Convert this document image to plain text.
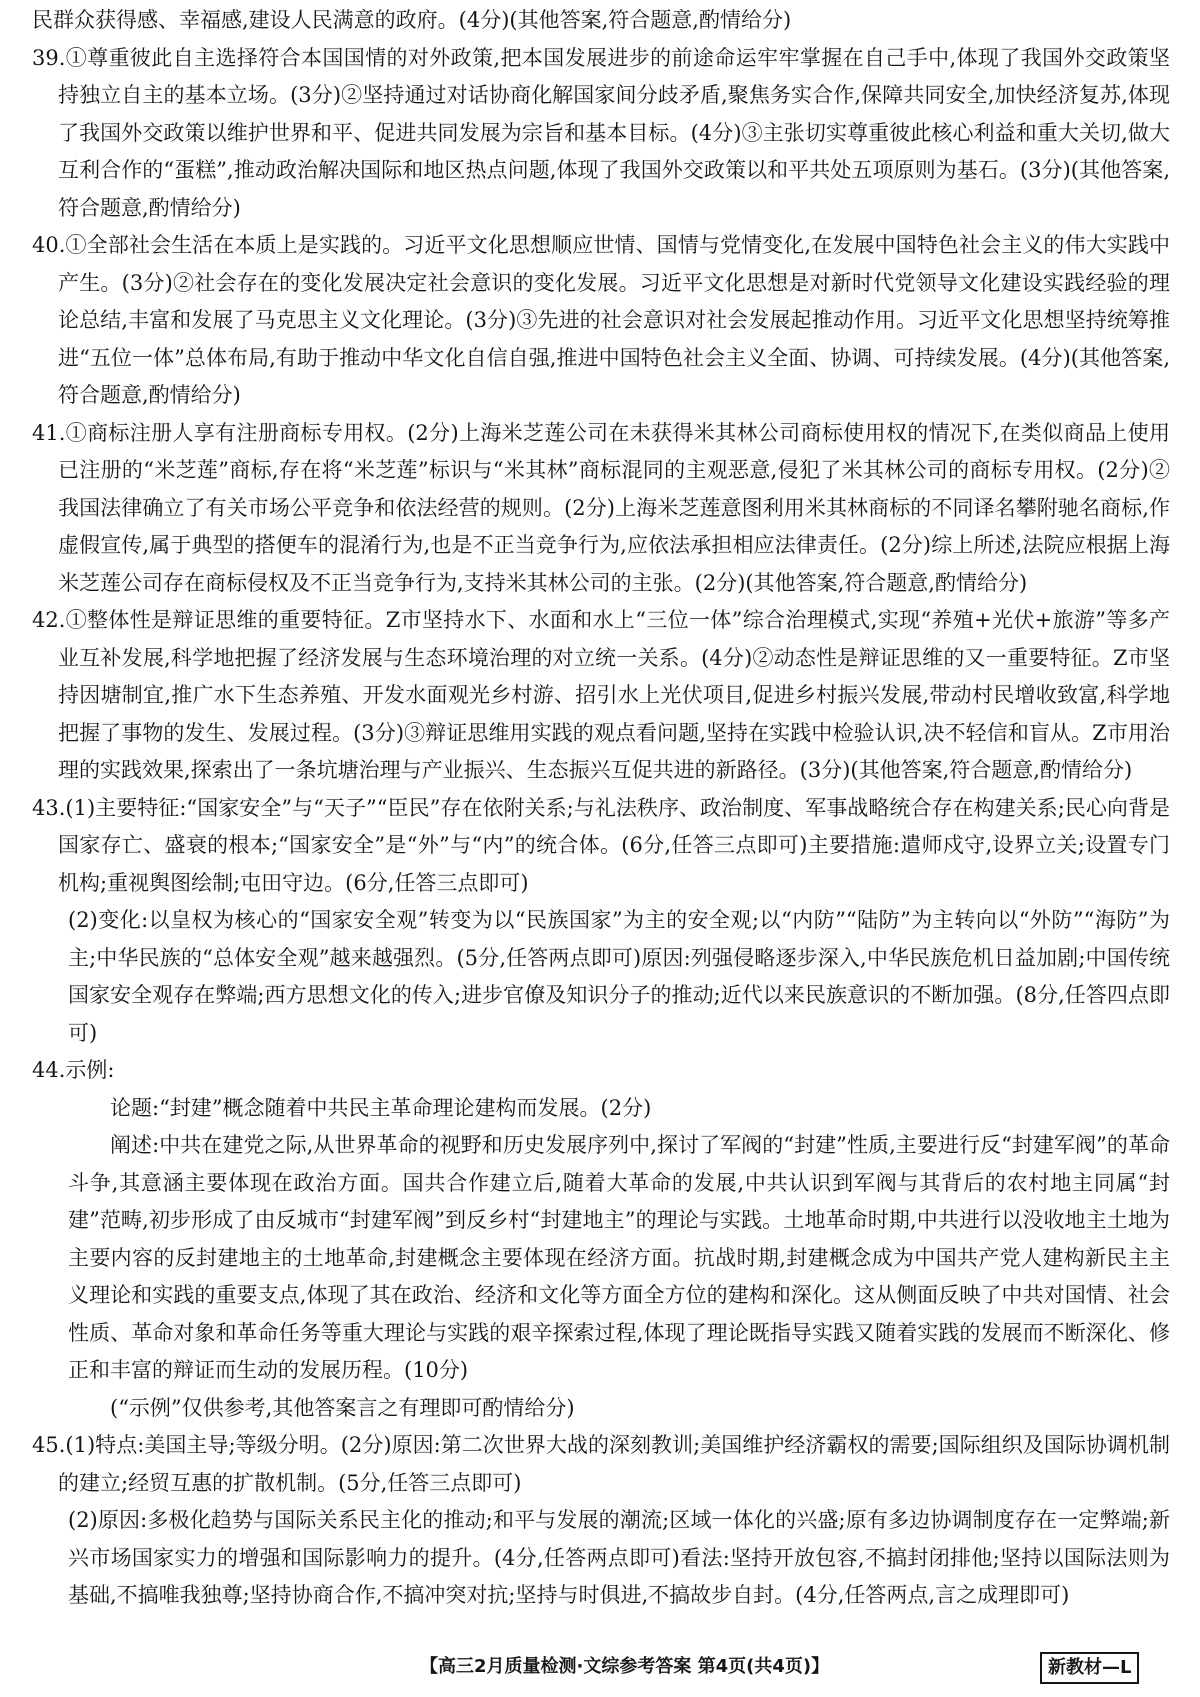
民群众获得感、幸福感,建设人民满意的政府。(4分)(其他答案,符合题意,酌情给分)

39.①尊重彼此自主选择符合本国国情的对外政策,把本国发展进步的前途命运牢牢掌握在自己手中,体现了我国外交政策坚持独立自主的基本立场。(3分)②坚持通过对话协商化解国家间分歧矛盾,聚焦务实合作,保障共同安全,加快经济复苏,体现了我国外交政策以维护世界和平、促进共同发展为宗旨和基本目标。(4分)③主张切实尊重彼此核心利益和重大关切,做大互利合作的“蛋糕”,推动政治解决国际和地区热点问题,体现了我国外交政策以和平共处五项原则为基石。(3分)(其他答案,符合题意,酌情给分)

40.①全部社会生活在本质上是实践的。习近平文化思想顺应世情、国情与党情变化,在发展中国特色社会主义的伟大实践中产生。(3分)②社会存在的变化发展决定社会意识的变化发展。习近平文化思想是对新时代党领导文化建设实践经验的理论总结,丰富和发展了马克思主义文化理论。(3分)③先进的社会意识对社会发展起推动作用。习近平文化思想坚持统筹推进“五位一体”总体布局,有助于推动中华文化自信自强,推进中国特色社会主义全面、协调、可持续发展。(4分)(其他答案,符合题意,酌情给分)

41.①商标注册人享有注册商标专用权。(2分)上海米芝莲公司在未获得米其林公司商标使用权的情况下,在类似商品上使用已注册的“米芝莲”商标,存在将“米芝莲”标识与“米其林”商标混同的主观恶意,侵犯了米其林公司的商标专用权。(2分)②我国法律确立了有关市场公平竞争和依法经营的规则。(2分)上海米芝莲意图利用米其林商标的不同译名攀附驰名商标,作虚假宣传,属于典型的搭便车的混淆行为,也是不正当竞争行为,应依法承担相应法律责任。(2分)综上所述,法院应根据上海米芝莲公司存在商标侵权及不正当竞争行为,支持米其林公司的主张。(2分)(其他答案,符合题意,酌情给分)

42.①整体性是辩证思维的重要特征。Z市坚持水下、水面和水上“三位一体”综合治理模式,实现“养殖+光伏+旅游”等多产业互补发展,科学地把握了经济发展与生态环境治理的对立统一关系。(4分)②动态性是辩证思维的又一重要特征。Z市坚持因塘制宜,推广水下生态养殖、开发水面观光乡村游、招引水上光伏项目,促进乡村振兴发展,带动村民增收致富,科学地把握了事物的发生、发展过程。(3分)③辩证思维用实践的观点看问题,坚持在实践中检验认识,决不轻信和盲从。Z市用治理的实践效果,探索出了一条坑塘治理与产业振兴、生态振兴互促共进的新路径。(3分)(其他答案,符合题意,酌情给分)

43.(1)主要特征:“国家安全”与“天子”“臣民”存在依附关系;与礼法秩序、政治制度、军事战略统合存在构建关系;民心向背是国家存亡、盛衰的根本;“国家安全”是“外”与“内”的统合体。(6分,任答三点即可)主要措施:遣师戍守,设界立关;设置专门机构;重视舆图绘制;屯田守边。(6分,任答三点即可)

(2)变化:以皇权为核心的“国家安全观”转变为以“民族国家”为主的安全观;以“内防”“陆防”为主转向以“外防”“海防”为主;中华民族的“总体安全观”越来越强烈。(5分,任答两点即可)原因:列强侵略逐步深入,中华民族危机日益加剧;中国传统国家安全观存在弊端;西方思想文化的传入;进步官僚及知识分子的推动;近代以来民族意识的不断加强。(8分,任答四点即可)

44.示例:

论题:“封建”概念随着中共民主革命理论建构而发展。(2分)

阐述:中共在建党之际,从世界革命的视野和历史发展序列中,探讨了军阀的“封建”性质,主要进行反“封建军阀”的革命斗争,其意涵主要体现在政治方面。国共合作建立后,随着大革命的发展,中共认识到军阀与其背后的农村地主同属“封建”范畴,初步形成了由反城市“封建军阀”到反乡村“封建地主”的理论与实践。土地革命时期,中共进行以没收地主土地为主要内容的反封建地主的土地革命,封建概念主要体现在经济方面。抗战时期,封建概念成为中国共产党人建构新民主主义理论和实践的重要支点,体现了其在政治、经济和文化等方面全方位的建构和深化。这从侧面反映了中共对国情、社会性质、革命对象和革命任务等重大理论与实践的艰辛探索过程,体现了理论既指导实践又随着实践的发展而不断深化、修正和丰富的辩证而生动的发展历程。(10分)

(“示例”仅供参考,其他答案言之有理即可酌情给分)

45.(1)特点:美国主导;等级分明。(2分)原因:第二次世界大战的深刻教训;美国维护经济霸权的需要;国际组织及国际协调机制的建立;经贸互惠的扩散机制。(5分,任答三点即可)

(2)原因:多极化趋势与国际关系民主化的推动;和平与发展的潮流;区域一体化的兴盛;原有多边协调制度存在一定弊端;新兴市场国家实力的增强和国际影响力的提升。(4分,任答两点即可)看法:坚持开放包容,不搞封闭排他;坚持以国际法则为基础,不搞唯我独尊;坚持协商合作,不搞冲突对抗;坚持与时俱进,不搞故步自封。(4分,任答两点,言之成理即可)

【高三2月质量检测·文综参考答案 第4页(共4页)】	新教材—L
